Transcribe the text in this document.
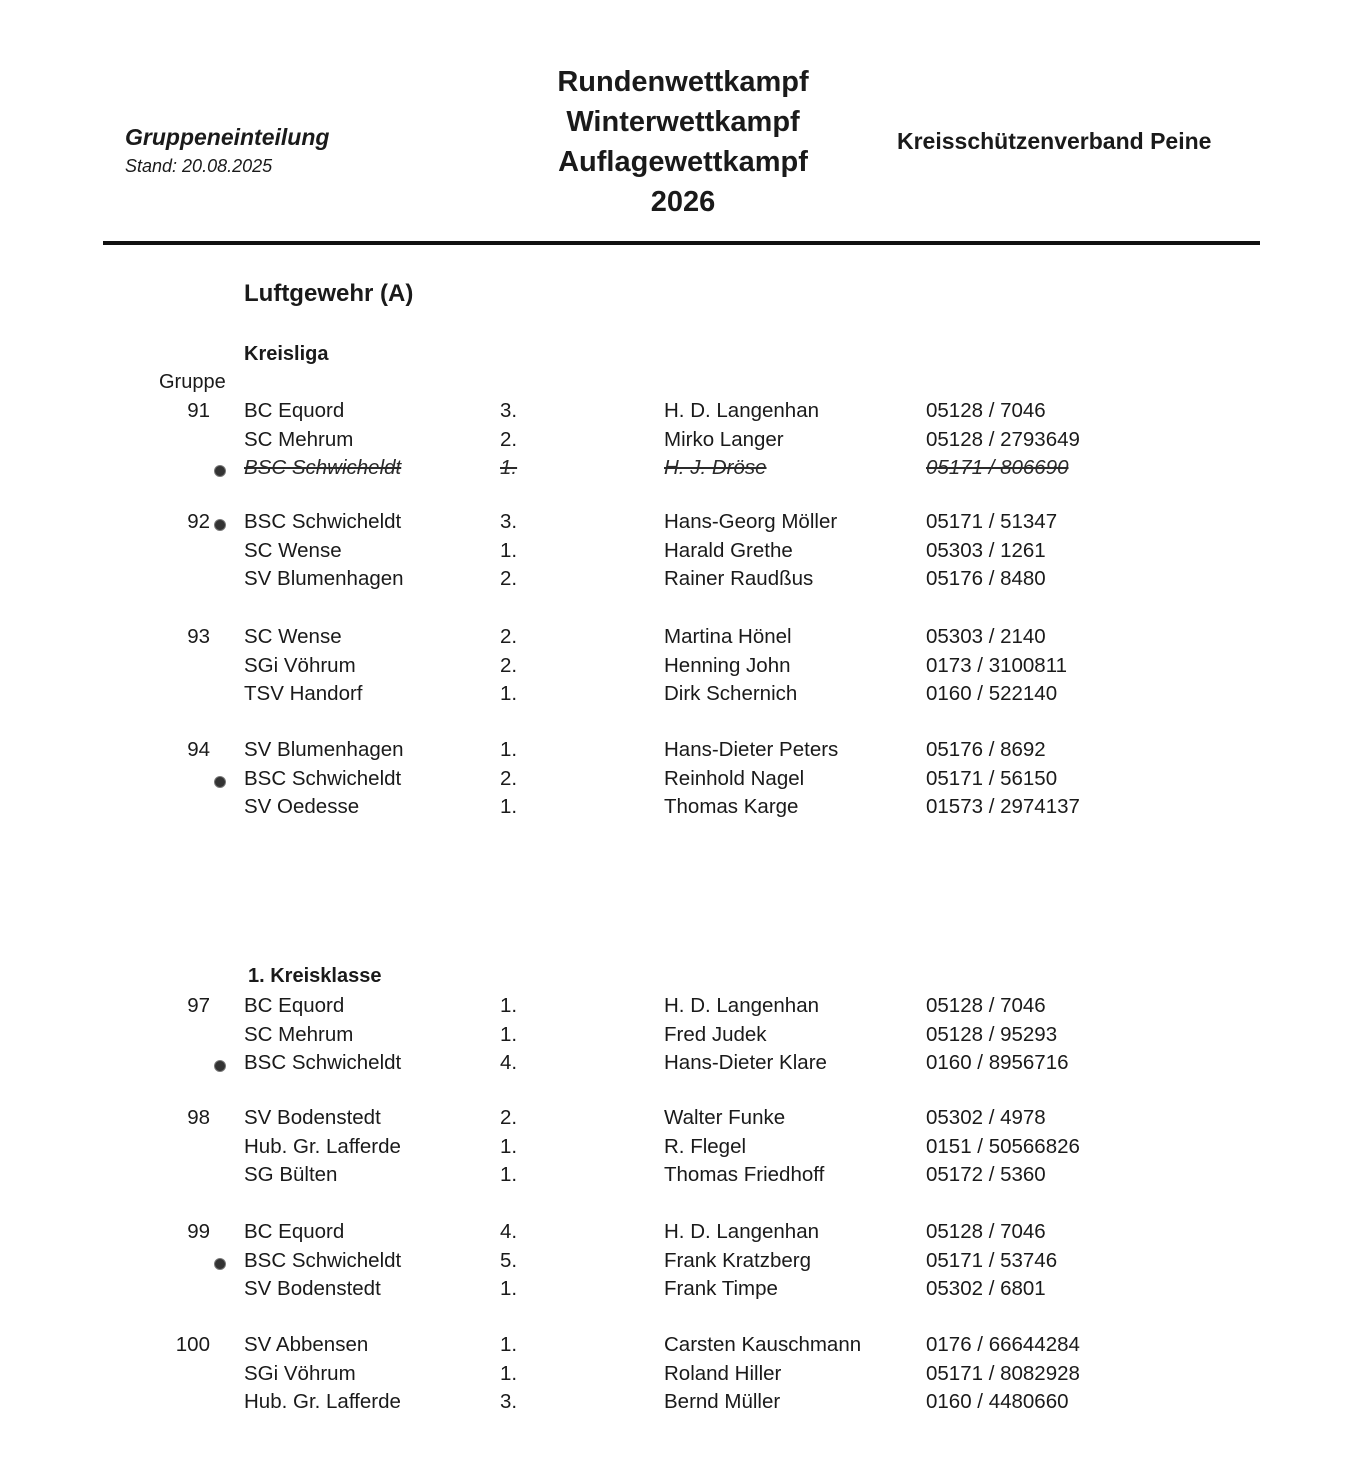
Gruppeneinteilung
Stand: 20.08.2025
Rundenwettkampf
Winterwettkampf
Auflagewettkampf
2026
Kreisschützenverband Peine
Luftgewehr (A)
Gruppe
Kreisliga
91 BC Equord	3.	H. D. Langenhan	05128 / 7046
SC Mehrum	2.	Mirko Langer	05128 / 2793649
BSC Schwicheldt	1.	H. J. Dröse	05171 / 806690
92 BSC Schwicheldt	3.	Hans-Georg Möller	05171 / 51347
SC Wense	1.	Harald Grethe	05303 / 1261
SV Blumenhagen	2.	Rainer Raudßus	05176 / 8480
93 SC Wense	2.	Martina Hönel	05303 / 2140
SGi Vöhrum	2.	Henning John	0173 / 3100811
TSV Handorf	1.	Dirk Schernich	0160 / 522140
94 SV Blumenhagen	1.	Hans-Dieter Peters	05176 / 8692
BSC Schwicheldt	2.	Reinhold Nagel	05171 / 56150
SV Oedesse	1.	Thomas Karge	01573 / 2974137
1. Kreisklasse
97 BC Equord	1.	H. D. Langenhan	05128 / 7046
SC Mehrum	1.	Fred Judek	05128 / 95293
BSC Schwicheldt	4.	Hans-Dieter Klare	0160 / 8956716
98 SV Bodenstedt	2.	Walter Funke	05302 / 4978
Hub. Gr. Lafferde	1.	R. Flegel	0151 / 50566826
SG Bülten	1.	Thomas Friedhoff	05172 / 5360
99 BC Equord	4.	H. D. Langenhan	05128 / 7046
BSC Schwicheldt	5.	Frank Kratzberg	05171 / 53746
SV Bodenstedt	1.	Frank Timpe	05302 / 6801
100 SV Abbensen	1.	Carsten Kauschmann	0176 / 66644284
SGi Vöhrum	1.	Roland Hiller	05171 / 8082928
Hub. Gr. Lafferde	3.	Bernd Müller	0160 / 4480660
